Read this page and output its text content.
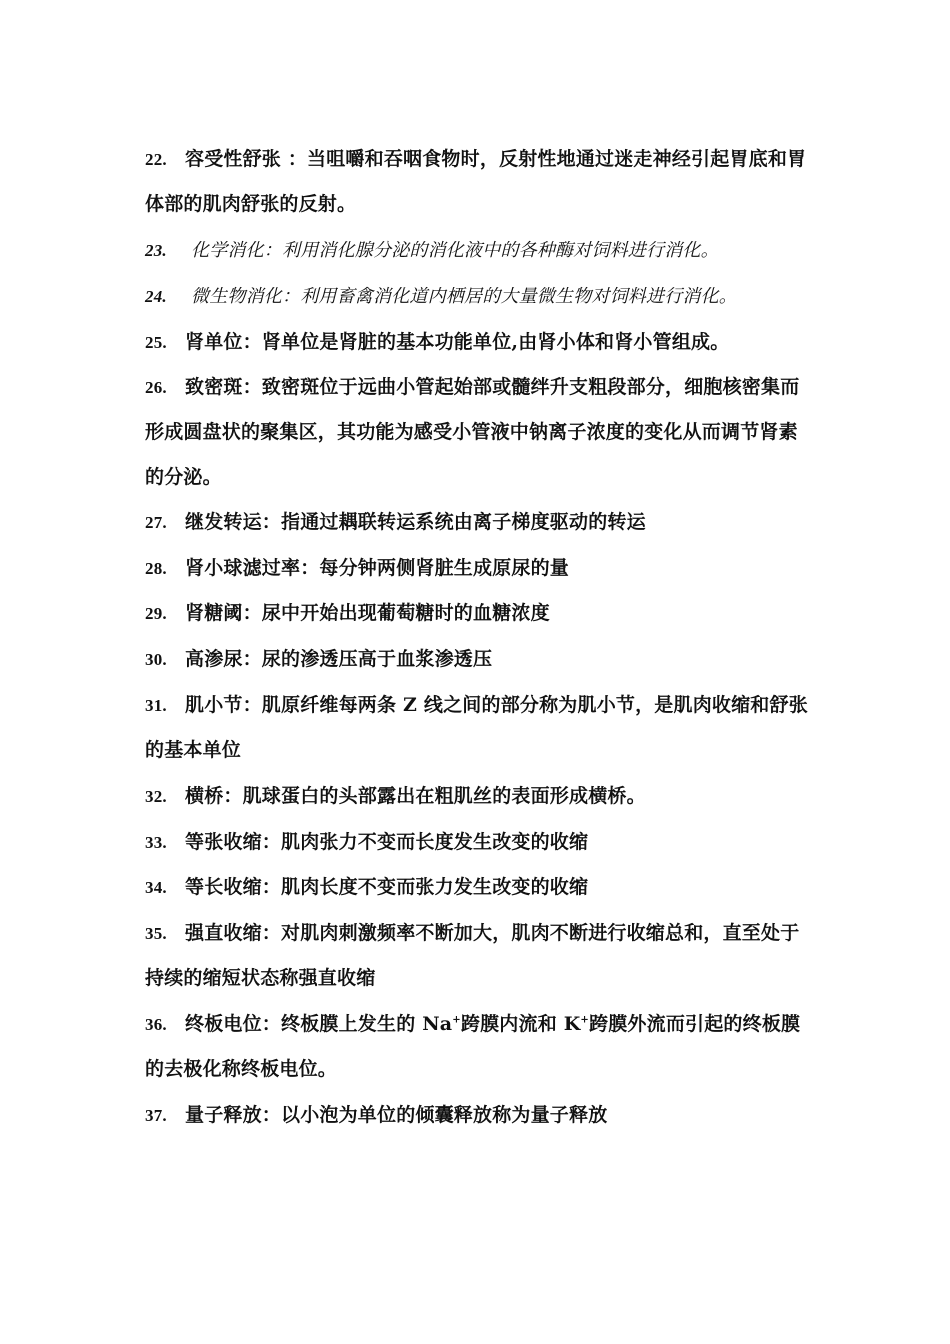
22. 容受性舒张 ：当咀嚼和吞咽食物时，反射性地通过迷走神经引起胃底和胃体部的肌肉舒张的反射。
23. 化学消化：利用消化腺分泌的消化液中的各种酶对饲料进行消化。
24. 微生物消化：利用畜禽消化道内栖居的大量微生物对饲料进行消化。
25. 肾单位：肾单位是肾脏的基本功能单位,由肾小体和肾小管组成。
26. 致密斑：致密斑位于远曲小管起始部或髓绊升支粗段部分，细胞核密集而形成圆盘状的聚集区，其功能为感受小管液中钠离子浓度的变化从而调节肾素的分泌。
27. 继发转运：指通过耦联转运系统由离子梯度驱动的转运
28. 肾小球滤过率：每分钟两侧肾脏生成原尿的量
29. 肾糖阈：尿中开始出现葡萄糖时的血糖浓度
30. 高渗尿：尿的渗透压高于血浆渗透压
31. 肌小节：肌原纤维每两条 Z 线之间的部分称为肌小节，是肌肉收缩和舒张的基本单位
32. 横桥：肌球蛋白的头部露出在粗肌丝的表面形成横桥。
33. 等张收缩：肌肉张力不变而长度发生改变的收缩
34. 等长收缩：肌肉长度不变而张力发生改变的收缩
35. 强直收缩：对肌肉刺激频率不断加大，肌肉不断进行收缩总和，直至处于持续的缩短状态称强直收缩
36. 终板电位：终板膜上发生的 Na+跨膜内流和 K+跨膜外流而引起的终板膜的去极化称终板电位。
37. 量子释放：以小泡为单位的倾囊释放称为量子释放
